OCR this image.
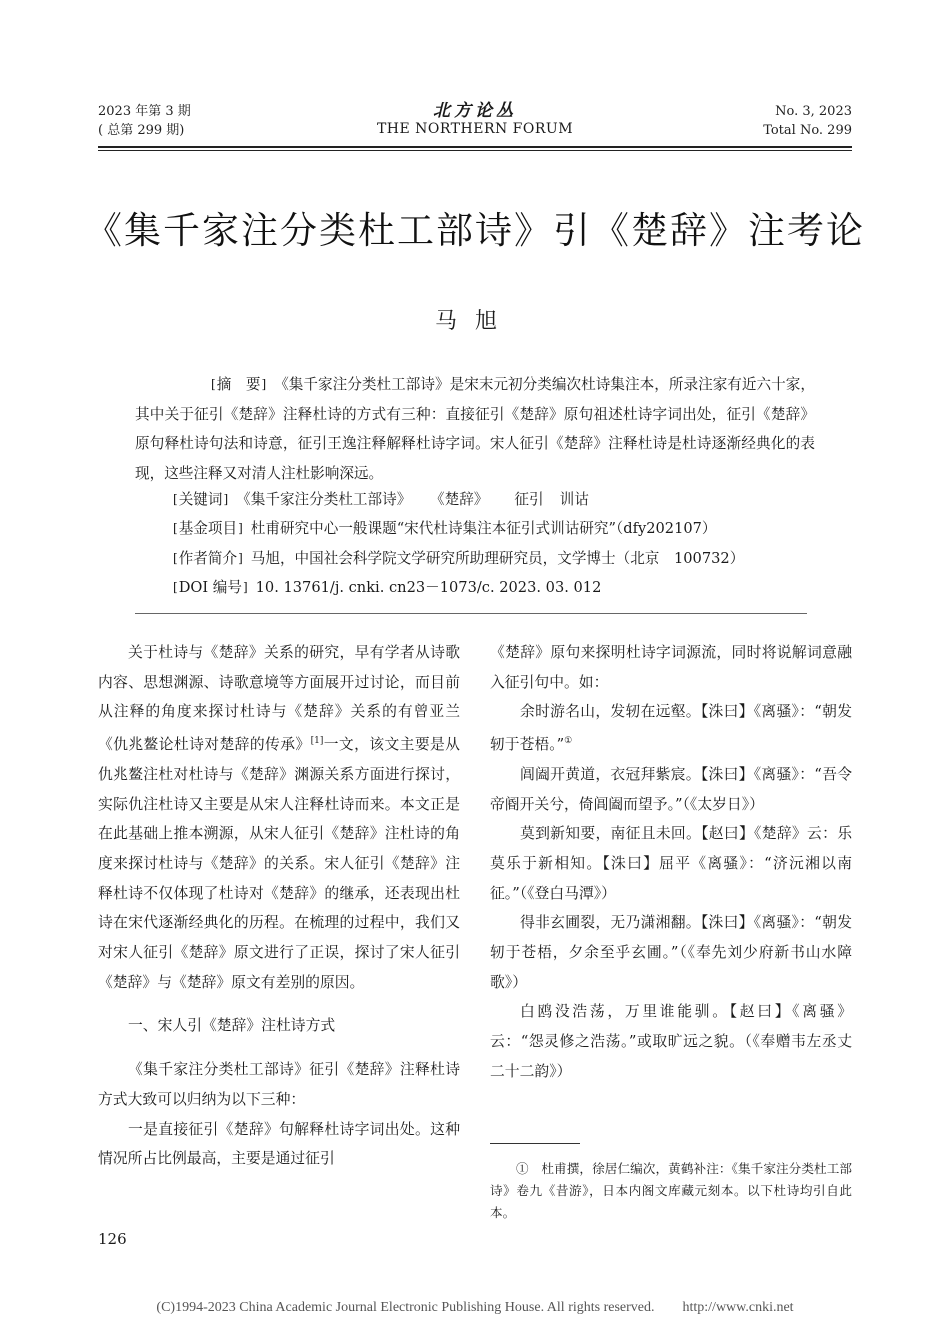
2023 年第 3 期
( 总第 299 期)
北方论丛
THE NORTHERN FORUM
No. 3, 2023
Total No. 299
《集千家注分类杜工部诗》引《楚辞》注考论
马旭
[ 摘　要 ] 《集千家注分类杜工部诗》是宋末元初分类编次杜诗集注本，所录注家有近六十家，其中关于征引《楚辞》注释杜诗的方式有三种：直接征引《楚辞》原句祖述杜诗字词出处，征引《楚辞》原句释杜诗句法和诗意，征引王逸注释解释杜诗字词。宋人征引《楚辞》注释杜诗是杜诗逐渐经典化的表现，这些注释又对清人注杜影响深远。
[ 关键词 ] 《集千家注分类杜工部诗》 《楚辞》 征引 训诂
[ 基金项目 ] 杜甫研究中心一般课题“宋代杜诗集注本征引式训诂研究”（dfy202107）
[ 作者简介 ] 马旭，中国社会科学院文学研究所助理研究员，文学博士（北京　100732）
[ DOI 编号 ] 10. 13761/j. cnki. cn23－1073/c. 2023. 03. 012

关于杜诗与《楚辞》关系的研究，早有学者从诗歌内容、思想渊源、诗歌意境等方面展开过讨论，而目前从注释的角度来探讨杜诗与《楚辞》关系的有曾亚兰《仇兆鳌论杜诗对楚辞的传承》[1]一文，该文主要是从仇兆鳌注杜对杜诗与《楚辞》渊源关系方面进行探讨，实际仇注杜诗又主要是从宋人注释杜诗而来。本文正是在此基础上推本溯源，从宋人征引《楚辞》注杜诗的角度来探讨杜诗与《楚辞》的关系。宋人征引《楚辞》注释杜诗不仅体现了杜诗对《楚辞》的继承，还表现出杜诗在宋代逐渐经典化的历程。在梳理的过程中，我们又对宋人征引《楚辞》原文进行了正误，探讨了宋人征引《楚辞》与《楚辞》原文有差别的原因。

一、宋人引《楚辞》注杜诗方式

《集千家注分类杜工部诗》征引《楚辞》注释杜诗方式大致可以归纳为以下三种：

一是直接征引《楚辞》句解释杜诗字词出处。这种情况所占比例最高，主要是通过征引

《楚辞》原句来探明杜诗字词源流，同时将说解词意融入征引句中。如：

余时游名山，发轫在远壑。【洙曰】《离骚》：“朝发轫于苍梧。”①

阊阖开黄道，衣冠拜紫宸。【洙曰】《离骚》：“吾令帝阍开关兮，倚阊阖而望予。”（《太岁日》）

莫到新知要，南征且未回。【赵曰】《楚辞》云：乐莫乐于新相知。【洙曰】屈平《离骚》：“济沅湘以南征。”（《登白马潭》）

得非玄圃裂，无乃潇湘翻。【洙曰】《离骚》：“朝发轫于苍梧，夕余至乎玄圃。”（《奉先刘少府新书山水障歌》）

白鸥没浩荡，万里谁能驯。【赵曰】《离骚》云：“怨灵修之浩荡。”或取旷远之貌。（《奉赠韦左丞丈二十二韵》）

①　杜甫撰，徐居仁编次，黄鹤补注：《集千家注分类杜工部诗》卷九《昔游》，日本内阁文库藏元刻本。以下杜诗均引自此本。
126
(C)1994-2023 China Academic Journal Electronic Publishing House. All rights reserved.　　http://www.cnki.net
